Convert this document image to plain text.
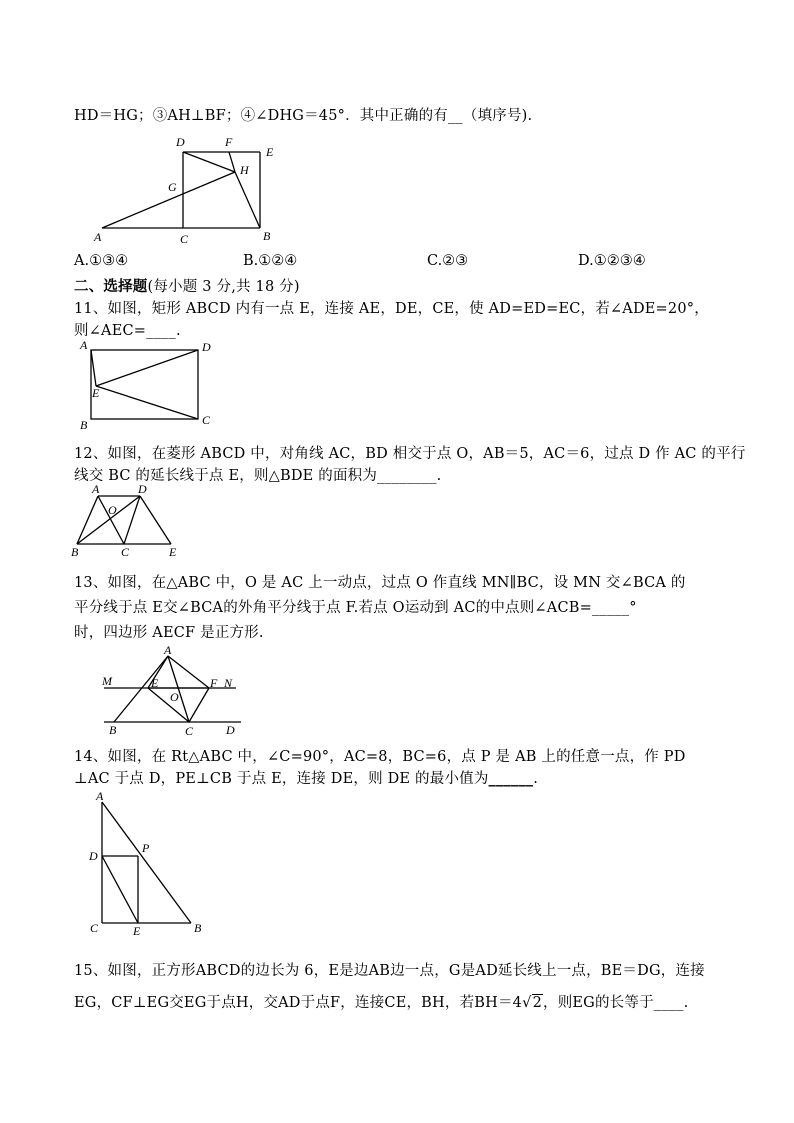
HD＝HG；③AH⊥BF；④∠DHG＝45°．其中正确的有__（填序号).
D	F
E
H
G
A	C	B
A.①③④	B.①②④	C.②③	D.①②③④
二、选择题(每小题 3 分,共 18 分)
11、如图，矩形 ABCD 内有一点 E，连接 AE，DE，CE，使 AD=ED=EC，若∠ADE=20°，
则∠AEC=____.
A	D
E
B	C
12、如图，在菱形 ABCD 中，对角线 AC，BD 相交于点 O，AB＝5，AC＝6，过点 D 作 AC 的平行
线交 BC 的延长线于点 E，则△BDE 的面积为________.
A	D
O
B	C	E
13、如图，在△ABC 中，O 是 AC 上一动点，过点 O 作直线 MN∥BC，设 MN 交∠BCA 的
平分线于点 E交∠BCA的外角平分线于点 F.若点 O运动到 AC的中点则∠ACB=_____°
时，四边形 AECF 是正方形.
A
M	E
O
F N
B	C	D
14、如图，在 Rt△ABC 中，∠C=90°，AC=8，BC=6，点 P 是 AB 上的任意一点，作 PD
⊥AC 于点 D，PE⊥CB 于点 E，连接 DE，则 DE 的最小值为______.
A
D
P
C	E	B
15、如图，正方形ABCD的边长为 6，E是边AB边一点，G是AD延长线上一点，BE＝DG，连接
EG，CF⊥EG交EG于点H，交AD于点F，连接CE，BH，若BH＝4√2，则EG的长等于____.
